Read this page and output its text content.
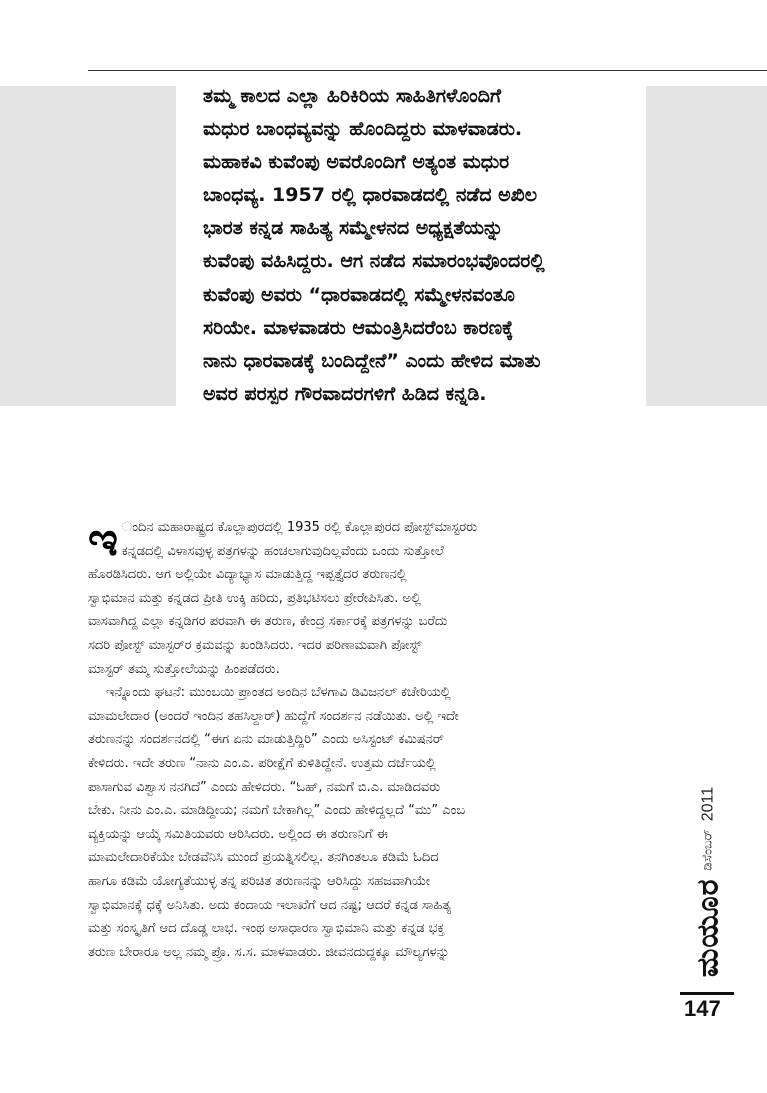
ತಮ್ಮ ಕಾಲದ ಎಲ್ಲಾ ಹಿರಿಕಿರಿಯ ಸಾಹಿತಿಗಳೊಂದಿಗೆ
ಮಧುರ ಬಾಂಧವ್ಯವನ್ನು ಹೊಂದಿದ್ದರು ಮಾಳವಾಡರು.
ಮಹಾಕವಿ ಕುವೆಂಪು ಅವರೊಂದಿಗೆ ಅತ್ಯಂತ ಮಧುರ
ಬಾಂಧವ್ಯ. 1957 ರಲ್ಲಿ ಧಾರವಾಡದಲ್ಲಿ ನಡೆದ ಅಖಿಲ
ಭಾರತ ಕನ್ನಡ ಸಾಹಿತ್ಯ ಸಮ್ಮೇಳನದ ಅಧ್ಯಕ್ಷತೆಯನ್ನು
ಕುವೆಂಪು ವಹಿಸಿದ್ದರು. ಆಗ ನಡೆದ ಸಮಾರಂಭವೊಂದರಲ್ಲಿ
ಕುವೆಂಪು ಅವರು “ಧಾರವಾಡದಲ್ಲಿ ಸಮ್ಮೇಳನವಂತೂ
ಸರಿಯೇ. ಮಾಳವಾಡರು ಆಮಂತ್ರಿಸಿದರೆಂಬ ಕಾರಣಕ್ಕೆ
ನಾನು ಧಾರವಾಡಕ್ಕೆ ಬಂದಿದ್ದೇನೆ” ಎಂದು ಹೇಳಿದ ಮಾತು
ಅವರ ಪರಸ್ಪರ ಗೌರವಾದರಗಳಿಗೆ ಹಿಡಿದ ಕನ್ನಡಿ.

ಇ ಂದಿನ ಮಹಾರಾಷ್ಟ್ರದ ಕೊಲ್ಲಾಪುರದಲ್ಲಿ 1935 ರಲ್ಲಿ ಕೊಲ್ಲಾಪುರದ ಪೋಸ್ಟ್‌ಮಾಸ್ಟರರು
ಕನ್ನಡದಲ್ಲಿ ವಿಳಾಸವುಳ್ಳ ಪತ್ರಗಳನ್ನು ಹಂಚಲಾಗುವುದಿಲ್ಲವೆಂದು ಒಂದು ಸುತ್ತೋಲೆ
ಹೊರಡಿಸಿದರು. ಆಗ ಅಲ್ಲಿಯೇ ವಿದ್ಯಾಭ್ಯಾಸ ಮಾಡುತ್ತಿದ್ದ ಇಪ್ಪತ್ತೈದರ ತರುಣನಲ್ಲಿ
ಸ್ವಾಭಿಮಾನ ಮತ್ತು ಕನ್ನಡದ ಪ್ರೀತಿ ಉಕ್ಕಿ ಹರಿದು, ಪ್ರತಿಭಟಿಸಲು ಪ್ರೇರೇಪಿಸಿತು. ಅಲ್ಲಿ
ವಾಸವಾಗಿದ್ದ ಎಲ್ಲಾ ಕನ್ನಡಿಗರ ಪರವಾಗಿ ಈ ತರುಣ, ಕೇಂದ್ರ ಸರ್ಕಾರಕ್ಕೆ ಪತ್ರಗಳನ್ನು ಬರೆದು
ಸದರಿ ಪೋಸ್ಟ್ ಮಾಸ್ಟರ್‌ರ ಕ್ರಮವನ್ನು ಖಂಡಿಸಿದರು. ಇದರ ಪರಿಣಾಮವಾಗಿ ಪೋಸ್ಟ್
ಮಾಸ್ಟರ್ ತಮ್ಮ ಸುತ್ತೋಲೆಯನ್ನು ಹಿಂಪಡೆದರು.
ಇನ್ನೊಂದು ಘಟನೆ: ಮುಂಬಯಿ ಪ್ರಾಂತದ ಅಂದಿನ ಬೆಳಗಾವಿ ಡಿವಿಜನಲ್ ಕಚೇರಿಯಲ್ಲಿ
ಮಾಮಲೇದಾರ (ಅಂದರೆ ಇಂದಿನ ತಹಸಿಲ್ದಾರ್) ಹುದ್ದೆಗೆ ಸಂದರ್ಶನ ನಡೆಯಿತು. ಅಲ್ಲಿ ಇದೇ
ತರುಣನನ್ನು ಸಂದರ್ಶನದಲ್ಲಿ “ಈಗ ಏನು ಮಾಡುತ್ತಿದ್ದಿರಿ” ಎಂದು ಅಸಿಸ್ಟಂಟ್ ಕಮಿಷನರ್
ಕೇಳಿದರು. ಇದೇ ತರುಣ “ನಾನು ಎಂ.ಎ. ಪರೀಕ್ಷೆಗೆ ಕುಳಿತಿದ್ದೇನೆ. ಉತ್ತಮ ದರ್ಜೆಯಲ್ಲಿ
ಪಾಸಾಗುವ ವಿಶ್ವಾಸ ನನಗಿದೆ” ಎಂದು ಹೇಳಿದರು. “ಓಹ್, ನಮಗೆ ಬಿ.ಎ. ಮಾಡಿದವರು
ಬೇಕು. ನೀನು ಎಂ.ಎ. ಮಾಡಿದ್ದೀಯ; ನಮಗೆ ಬೇಕಾಗಿಲ್ಲ” ಎಂದು ಹೇಳಿದ್ದಲ್ಲದೆ “ಮು” ಎಂಬ
ವ್ಯಕ್ತಿಯನ್ನು ಆಯ್ಕೆ ಸಮಿತಿಯವರು ಆರಿಸಿದರು. ಅಲ್ಲಿಂದ ಈ ತರುಣನಿಗೆ ಈ
ಮಾಮಲೇದಾರಿಕೆಯೇ ಬೇಡವೆನಿಸಿ ಮುಂದೆ ಪ್ರಯತ್ನಿಸಲಿಲ್ಲ. ತನಗಿಂತಲೂ ಕಡಿಮೆ ಓದಿದ
ಹಾಗೂ ಕಡಿಮೆ ಯೋಗ್ಯತೆಯುಳ್ಳ ತನ್ನ ಪರಿಚಿತ ತರುಣನನ್ನು ಆರಿಸಿದ್ದು ಸಹಜವಾಗಿಯೇ
ಸ್ವಾಭಿಮಾನಕ್ಕೆ ಧಕ್ಕೆ ಅನಿಸಿತು. ಅದು ಕಂದಾಯ ಇಲಾಖೆಗೆ ಆದ ನಷ್ಟ; ಆದರೆ ಕನ್ನಡ ಸಾಹಿತ್ಯ
ಮತ್ತು ಸಂಸ್ಕೃತಿಗೆ ಆದ ದೊಡ್ಡ ಲಾಭ. ಇಂಥ ಅಸಾಧಾರಣ ಸ್ವಾಭಿಮಾನಿ ಮತ್ತು ಕನ್ನಡ ಭಕ್ತ
ತರುಣ ಬೇರಾರೂ ಅಲ್ಲ ನಮ್ಮ ಪ್ರೊ. ಸ.ಸ. ಮಾಳವಾಡರು. ಜೀವನದುದ್ದಕ್ಕೂ ಮೌಲ್ಯಗಳನ್ನು	ಮಯೂರ
ಡಿಸೆಂಬರ್
2011
147
